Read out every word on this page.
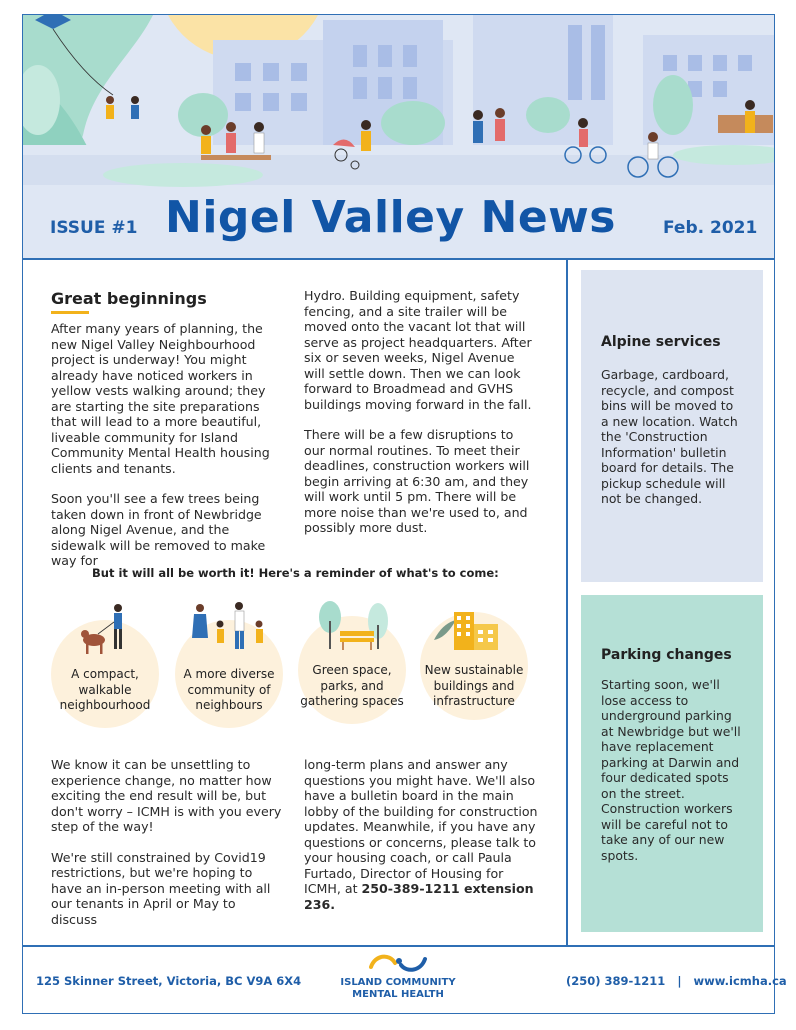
ISSUE #1 Nigel Valley News	Feb. 2021
Great beginnings

After many years of planning, the new Nigel Valley Neighbourhood project is underway! You might already have noticed workers in yellow vests walking around; they are starting the site preparations that will lead to a more beautiful, liveable community for Island Community Mental Health housing clients and tenants.

Soon you'll see a few trees being taken down in front of Newbridge along Nigel Avenue, and the sidewalk will be removed to make way for

Hydro. Building equipment, safety fencing, and a site trailer will be moved onto the vacant lot that will serve as project headquarters. After six or seven weeks, Nigel Avenue will settle down. Then we can look forward to Broadmead and GVHS buildings moving forward in the fall.

There will be a few disruptions to our normal routines. To meet their deadlines, construction workers will begin arriving at 6:30 am, and they will work until 5 pm. There will be more noise than we're used to, and possibly more dust.

But it will all be worth it! Here's a reminder of what's to come:
A compact, walkable neighbourhood
A more diverse community of neighbours
Green space, parks, and gathering spaces
New sustainable buildings and infrastructure

We know it can be unsettling to experience change, no matter how exciting the end result will be, but don't worry – ICMH is with you every step of the way!

We're still constrained by Covid19 restrictions, but we're hoping to have an in-person meeting with all our tenants in April or May to discuss

long-term plans and answer any questions you might have. We'll also have a bulletin board in the main lobby of the building for construction updates. Meanwhile, if you have any questions or concerns, please talk to your housing coach, or call Paula Furtado, Director of Housing for ICMH, at 250-389-1211 extension 236.

Alpine services
Garbage, cardboard, recycle, and compost bins will be moved to a new location. Watch the 'Construction Information' bulletin board for details. The pickup schedule will not be changed.
Parking changes
Starting soon, we'll lose access to underground parking at Newbridge but we'll have replacement parking at Darwin and four dedicated spots on the street. Construction workers will be careful not to take any of our new spots.
125 Skinner Street, Victoria, BC V9A 6X4	ISLAND COMMUNITY
MENTAL HEALTH
(250) 389-1211 | www.icmha.ca
